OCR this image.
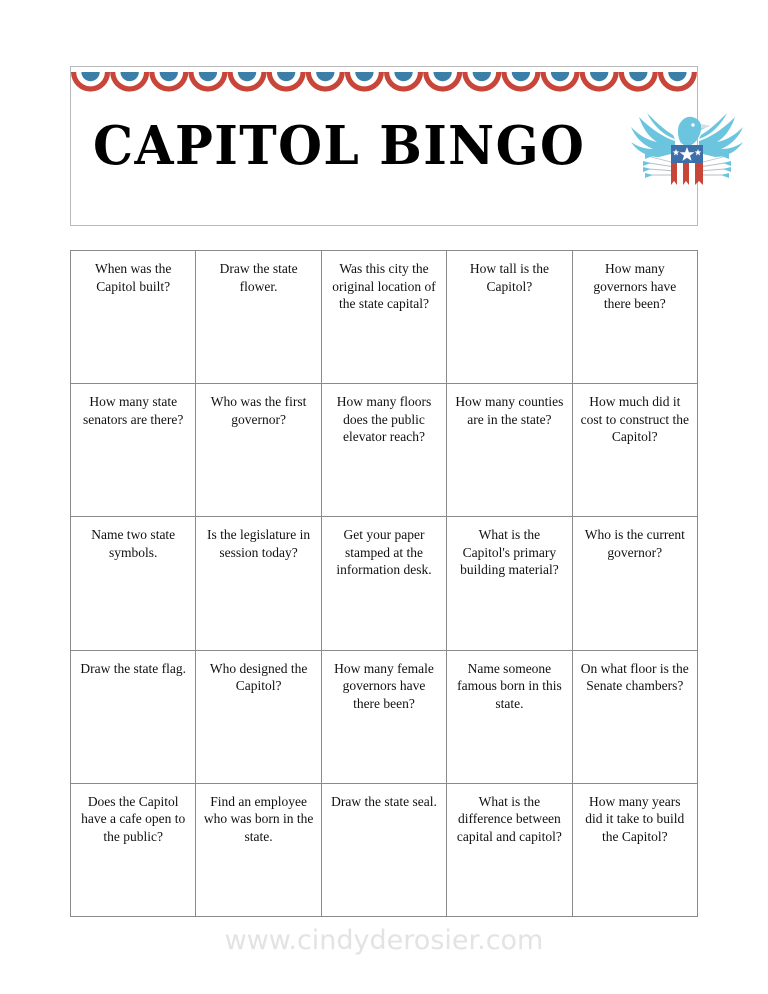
CAPITOL BINGO
When was the Capitol built?
Draw the state flower.
Was this city the original location of the state capital?
How tall is the Capitol?
How many governors have there been?
How many state senators are there?
Who was the first governor?
How many floors does the public elevator reach?
How many counties are in the state?
How much did it cost to construct the Capitol?
Name two state symbols.
Is the legislature in session today?
Get your paper stamped at the information desk.
What is the Capitol's primary building material?
Who is the current governor?
Draw the state flag.	Who designed the Capitol?
How many female governors have there been?
Name someone famous born in this state.
On what floor is the Senate chambers?
Does the Capitol have a cafe open to the public?
Find an employee who was born in the state.
Draw the state seal.	What is the difference between capital and capitol?
How many years did it take to build the Capitol?
www.cindyderosier.com
